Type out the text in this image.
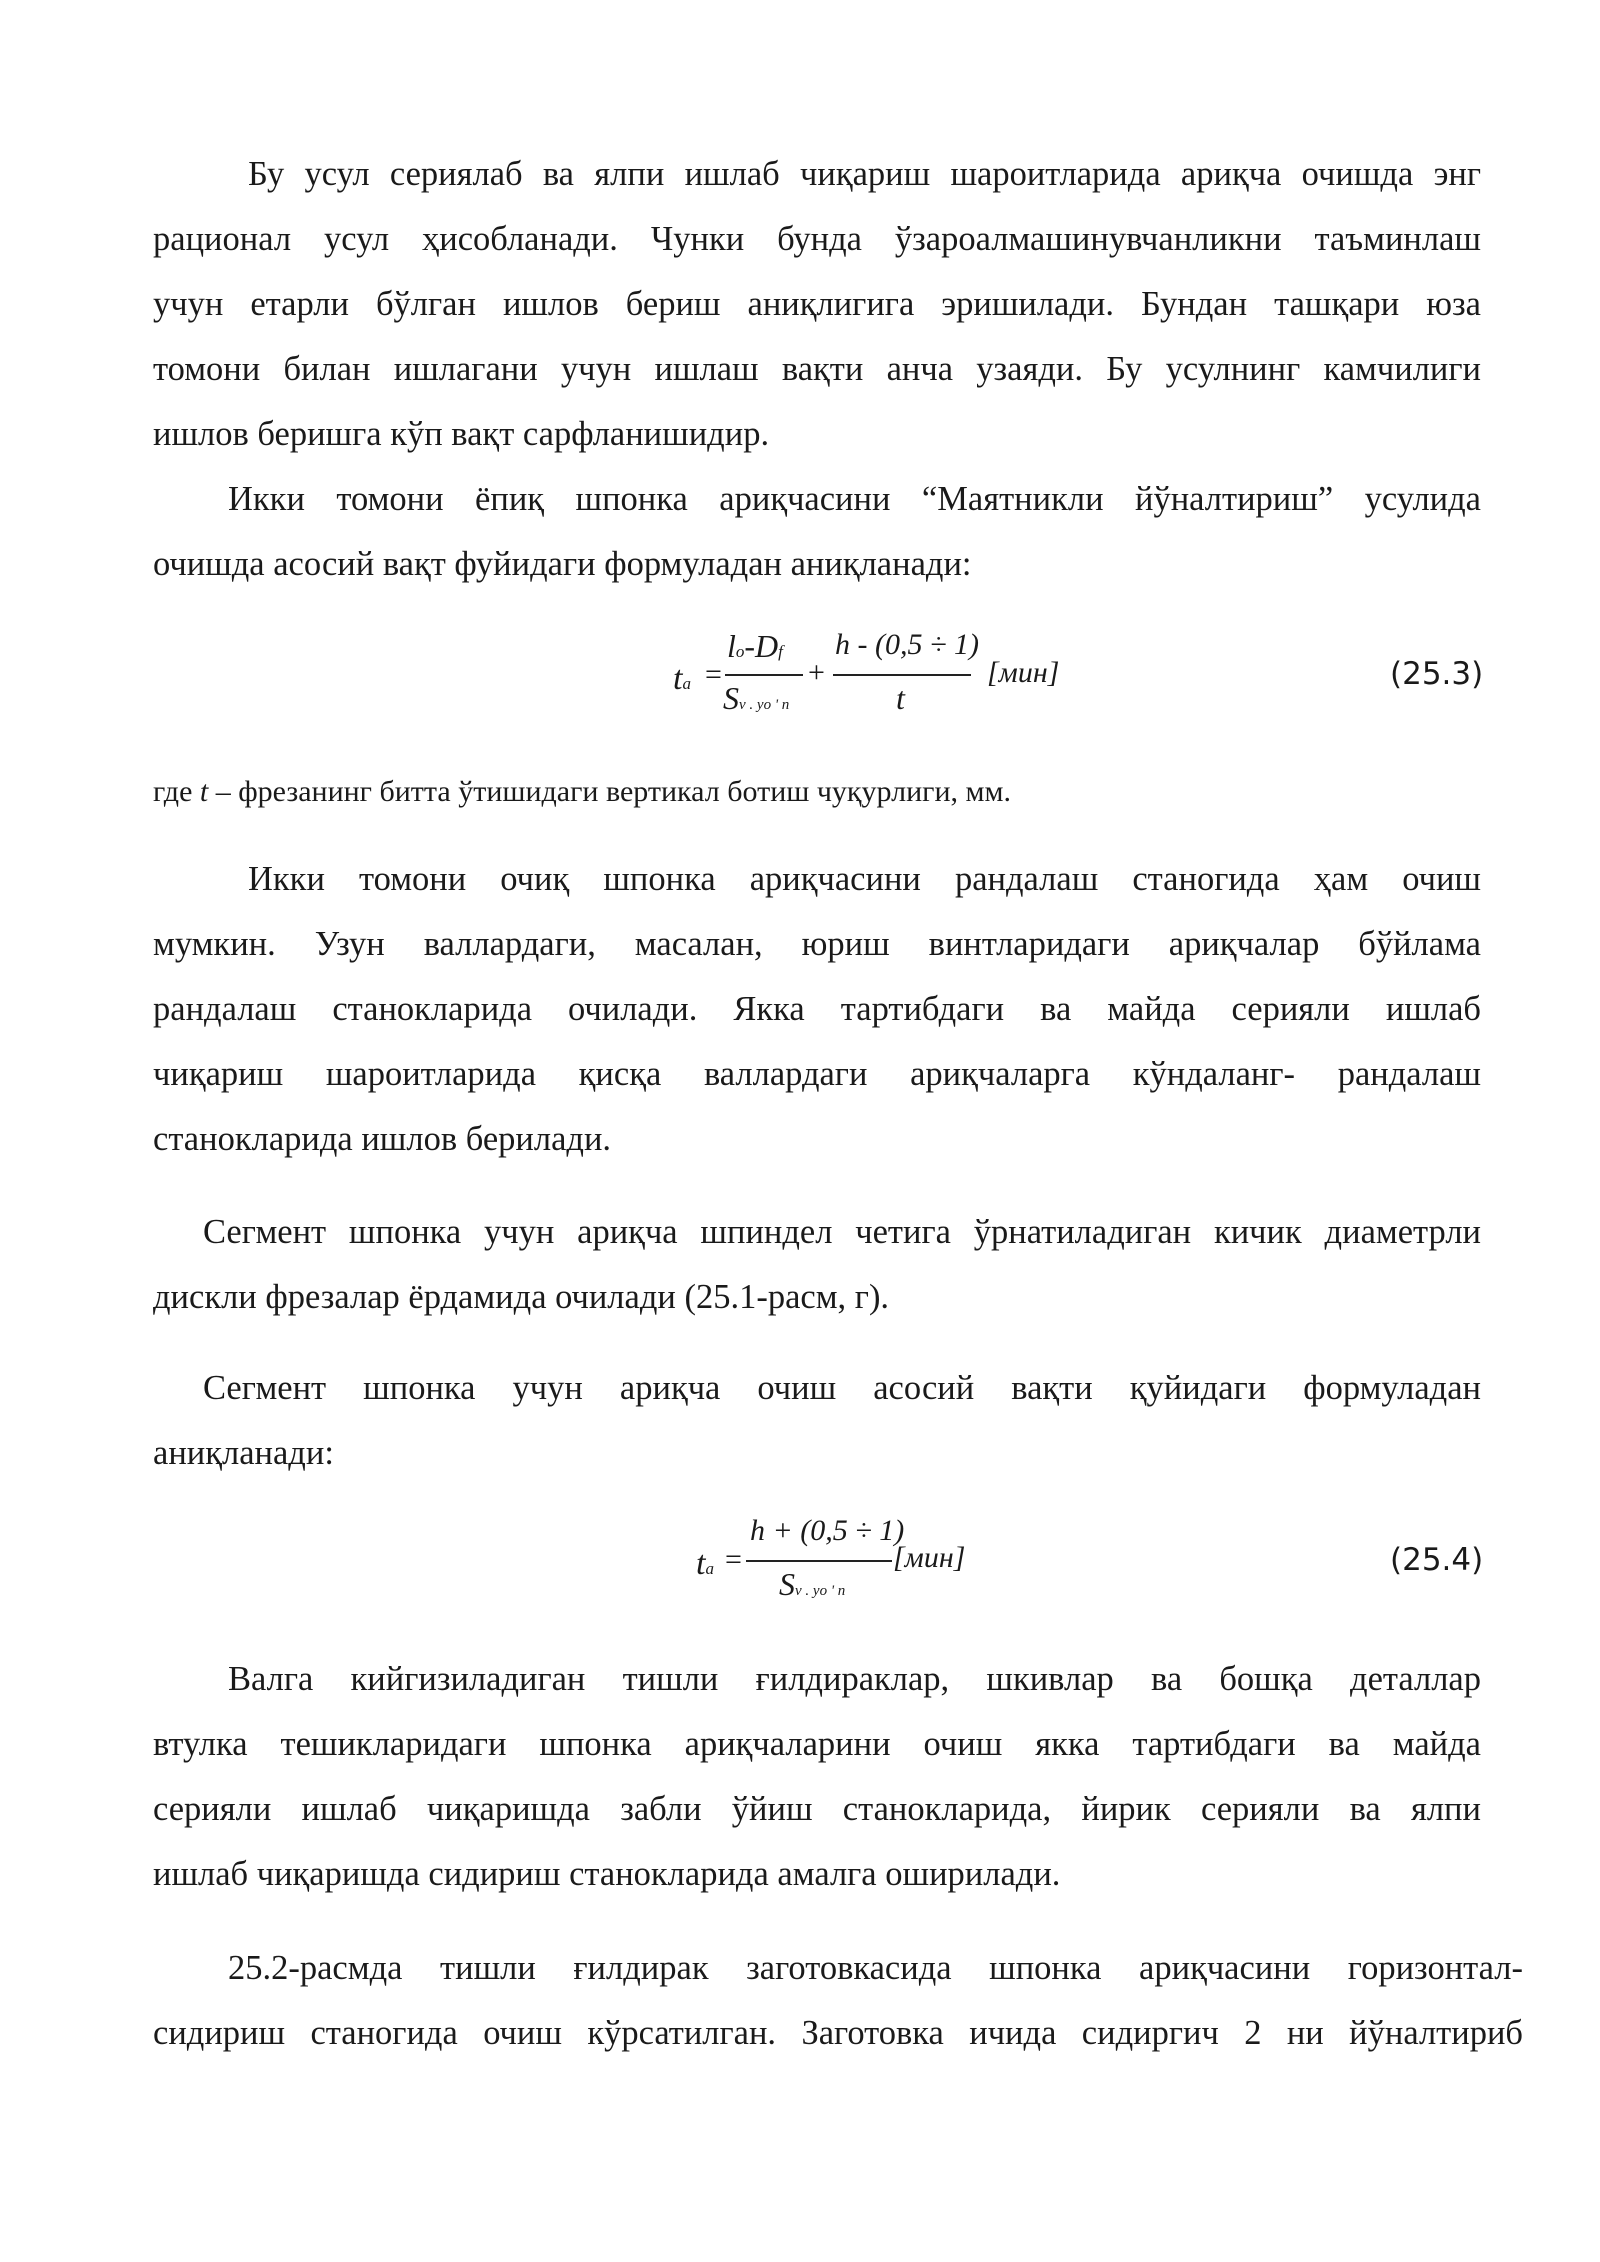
Бу усул сериялаб ва ялпи ишлаб чиқариш шароитларида ариқча очишда энг

рационал усул ҳисобланади. Чунки бунда ўзароалмашинувчанликни таъминлаш

учун етарли бўлган ишлов бериш аниқлигига эришилади. Бундан ташқари юза

томони билан ишлагани учун ишлаш вақти анча узаяди. Бу усулнинг камчилиги

ишлов беришга кўп вақт сарфланишидир.

Икки томони ёпиқ шпонка ариқчасини “Маятникли йўналтириш” усулида

очишда асосий вақт фуйидаги формуладан аниқланади:

ta =
lo-Df
Sv . yo ' n
+
h - (0,5 ÷ 1)
t
[мин]	(25.3)
где t – фрезанинг битта ўтишидаги вертикал ботиш чуқурлиги, мм.

Икки томони очиқ шпонка ариқчасини рандалаш станогида ҳам очиш

мумкин. Узун валлардаги, масалан, юриш винтларидаги ариқчалар бўйлама

рандалаш станокларида очилади. Якка тартибдаги ва майда серияли ишлаб

чиқариш шароитларида қисқа валлардаги ариқчаларга кўндаланг- рандалаш

станокларида ишлов берилади.

Сегмент шпонка учун ариқча шпиндел четига ўрнатиладиган кичик диаметрли

дискли фрезалар ёрдамида очилади (25.1-расм, г).

Сегмент шпонка учун ариқча очиш асосий вақти қуйидаги формуладан

аниқланади:

ta =
h + (0,5 ÷ 1)
Sv . yo ' n
[мин]	(25.4)

Валга кийгизиладиган тишли ғилдираклар, шкивлар ва бошқа деталлар

втулка тешикларидаги шпонка ариқчаларини очиш якка тартибдаги ва майда

серияли ишлаб чиқаришда забли ўйиш станокларида, йирик серияли ва ялпи

ишлаб чиқаришда сидириш станокларида амалга оширилади.

25.2-расмда тишли ғилдирак заготовкасида шпонка ариқчасини горизонтал-

сидириш станогида очиш кўрсатилган. Заготовка ичида сидиргич 2 ни йўналтириб
